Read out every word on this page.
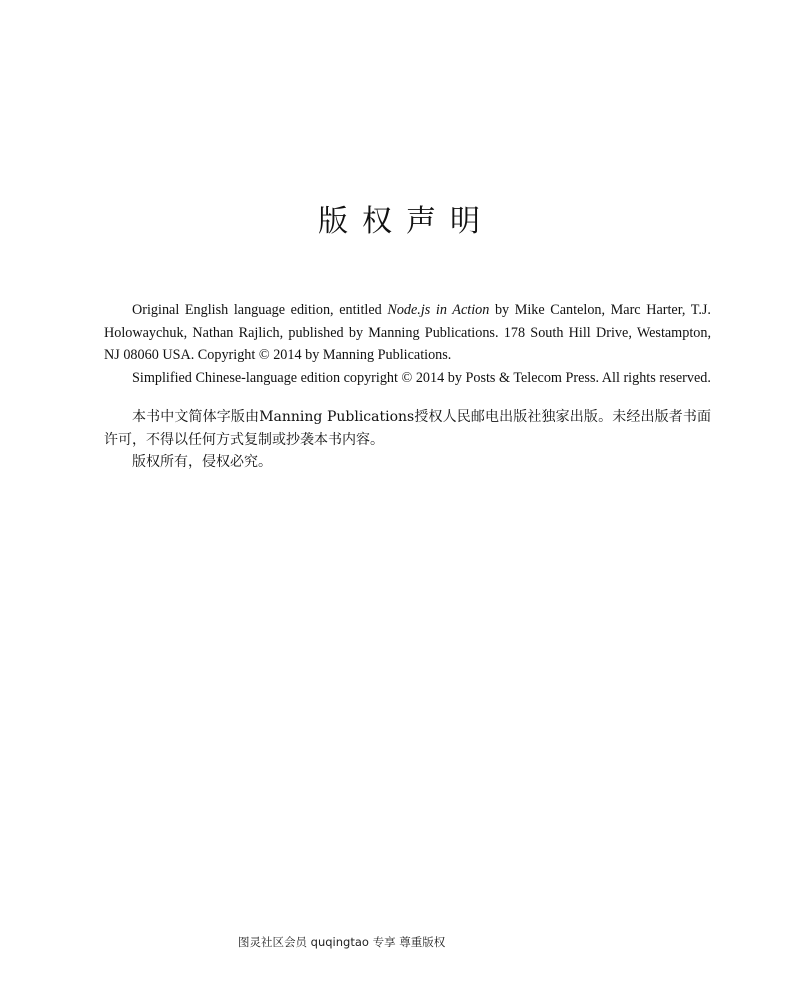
版权声明

Original English language edition, entitled Node.js in Action by Mike Cantelon, Marc Harter, T.J. Holowaychuk, Nathan Rajlich, published by Manning Publications. 178 South Hill Drive, Westampton, NJ 08060 USA. Copyright © 2014 by Manning Publications.

Simplified Chinese-language edition copyright © 2014 by Posts & Telecom Press. All rights reserved.

本书中文简体字版由Manning Publications授权人民邮电出版社独家出版。未经出版者书面许可，不得以任何方式复制或抄袭本书内容。

版权所有，侵权必究。

图灵社区会员 quqingtao 专享 尊重版权
